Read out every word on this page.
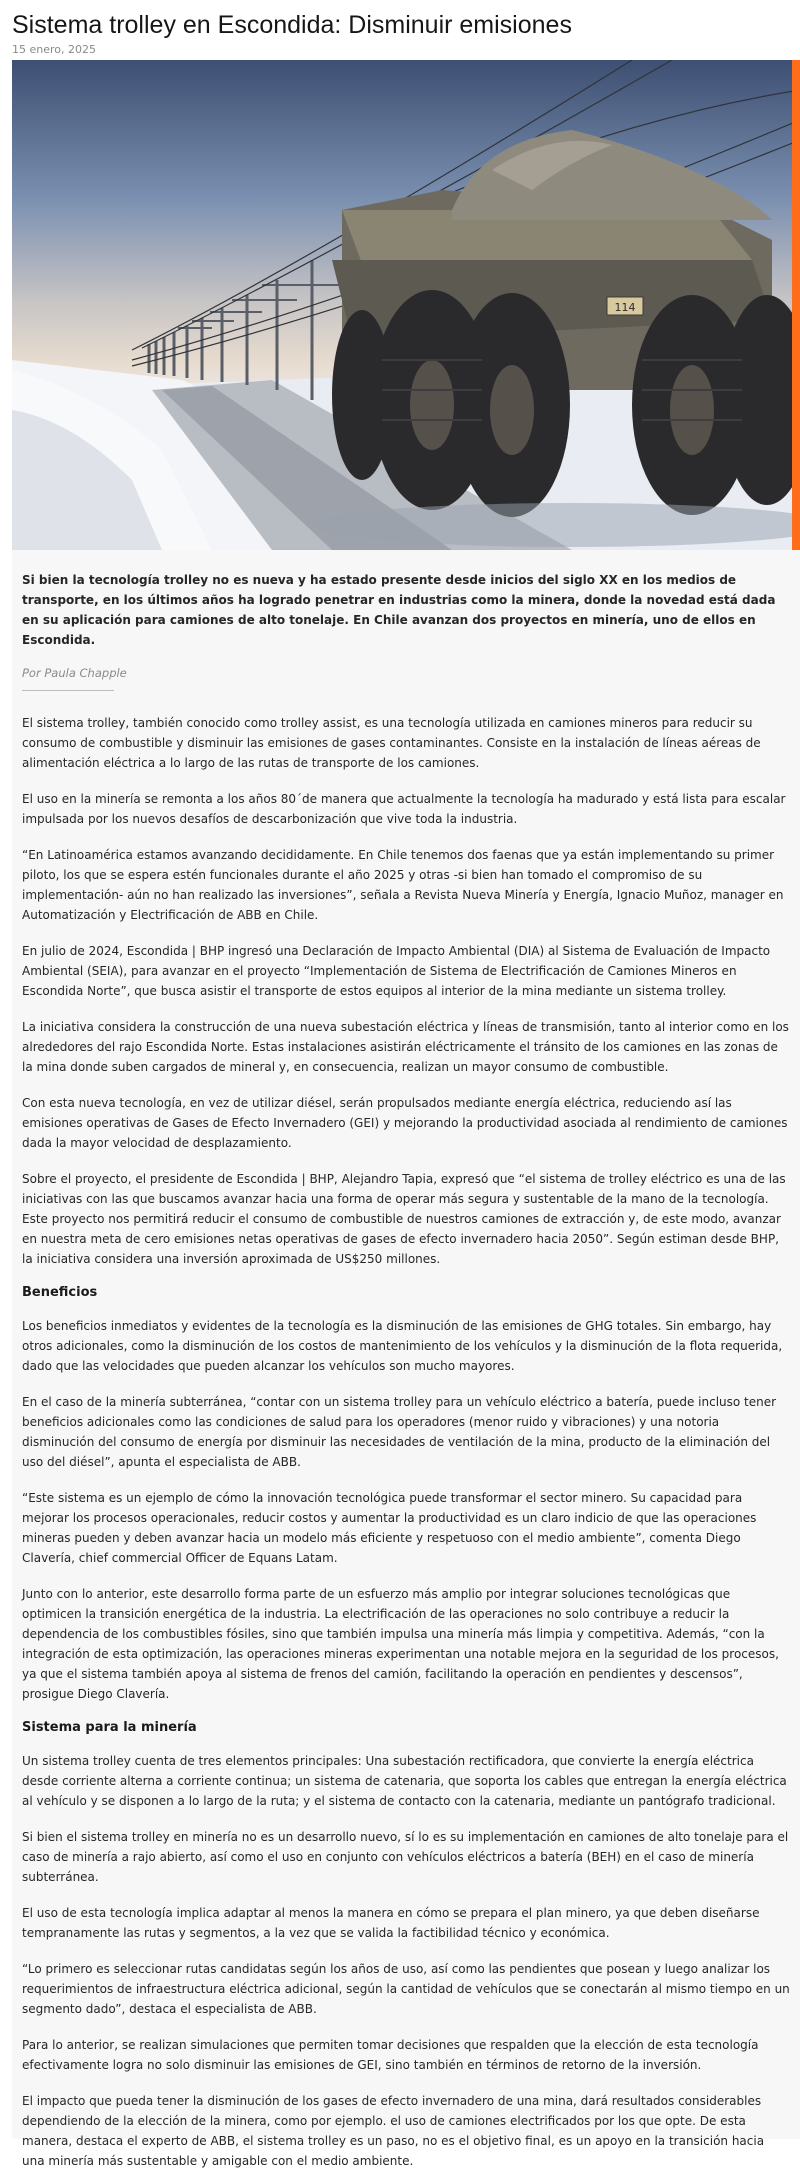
Sistema trolley en Escondida: Disminuir emisiones
15 enero, 2025
114

Si bien la tecnología trolley no es nueva y ha estado presente desde inicios del siglo XX en los medios de transporte, en los últimos años ha logrado penetrar en industrias como la minera, donde la novedad está dada en su aplicación para camiones de alto tonelaje. En Chile avanzan dos proyectos en minería, uno de ellos en Escondida.

Por Paula Chapple

El sistema trolley, también conocido como trolley assist, es una tecnología utilizada en camiones mineros para reducir su consumo de combustible y disminuir las emisiones de gases contaminantes. Consiste en la instalación de líneas aéreas de alimentación eléctrica a lo largo de las rutas de transporte de los camiones.

El uso en la minería se remonta a los años 80´de manera que actualmente la tecnología ha madurado y está lista para escalar impulsada por los nuevos desafíos de descarbonización que vive toda la industria.

“En Latinoamérica estamos avanzando decididamente. En Chile tenemos dos faenas que ya están implementando su primer piloto, los que se espera estén funcionales durante el año 2025 y otras -si bien han tomado el compromiso de su implementación- aún no han realizado las inversiones”, señala a Revista Nueva Minería y Energía, Ignacio Muñoz, manager en Automatización y Electrificación de ABB en Chile.

En julio de 2024, Escondida | BHP ingresó una Declaración de Impacto Ambiental (DIA) al Sistema de Evaluación de Impacto Ambiental (SEIA), para avanzar en el proyecto “Implementación de Sistema de Electrificación de Camiones Mineros en Escondida Norte”, que busca asistir el transporte de estos equipos al interior de la mina mediante un sistema trolley.

La iniciativa considera la construcción de una nueva subestación eléctrica y líneas de transmisión, tanto al interior como en los alrededores del rajo Escondida Norte. Estas instalaciones asistirán eléctricamente el tránsito de los camiones en las zonas de la mina donde suben cargados de mineral y, en consecuencia, realizan un mayor consumo de combustible.

Con esta nueva tecnología, en vez de utilizar diésel, serán propulsados mediante energía eléctrica, reduciendo así las emisiones operativas de Gases de Efecto Invernadero (GEI) y mejorando la productividad asociada al rendimiento de camiones dada la mayor velocidad de desplazamiento.

Sobre el proyecto, el presidente de Escondida | BHP, Alejandro Tapia, expresó que “el sistema de trolley eléctrico es una de las iniciativas con las que buscamos avanzar hacia una forma de operar más segura y sustentable de la mano de la tecnología. Este proyecto nos permitirá reducir el consumo de combustible de nuestros camiones de extracción y, de este modo, avanzar en nuestra meta de cero emisiones netas operativas de gases de efecto invernadero hacia 2050”. Según estiman desde BHP, la iniciativa considera una inversión aproximada de US$250 millones.

Beneficios

Los beneficios inmediatos y evidentes de la tecnología es la disminución de las emisiones de GHG totales. Sin embargo, hay otros adicionales, como la disminución de los costos de mantenimiento de los vehículos y la disminución de la flota requerida, dado que las velocidades que pueden alcanzar los vehículos son mucho mayores.

En el caso de la minería subterránea, “contar con un sistema trolley para un vehículo eléctrico a batería, puede incluso tener beneficios adicionales como las condiciones de salud para los operadores (menor ruido y vibraciones) y una notoria disminución del consumo de energía por disminuir las necesidades de ventilación de la mina, producto de la eliminación del uso del diésel”, apunta el especialista de ABB.

“Este sistema es un ejemplo de cómo la innovación tecnológica puede transformar el sector minero. Su capacidad para mejorar los procesos operacionales, reducir costos y aumentar la productividad es un claro indicio de que las operaciones mineras pueden y deben avanzar hacia un modelo más eficiente y respetuoso con el medio ambiente”, comenta Diego Clavería, chief commercial Officer de Equans Latam.

Junto con lo anterior, este desarrollo forma parte de un esfuerzo más amplio por integrar soluciones tecnológicas que optimicen la transición energética de la industria. La electrificación de las operaciones no solo contribuye a reducir la dependencia de los combustibles fósiles, sino que también impulsa una minería más limpia y competitiva. Además, “con la integración de esta optimización, las operaciones mineras experimentan una notable mejora en la seguridad de los procesos, ya que el sistema también apoya al sistema de frenos del camión, facilitando la operación en pendientes y descensos”, prosigue Diego Clavería.

Sistema para la minería

Un sistema trolley cuenta de tres elementos principales: Una subestación rectificadora, que convierte la energía eléctrica desde corriente alterna a corriente continua; un sistema de catenaria, que soporta los cables que entregan la energía eléctrica al vehículo y se disponen a lo largo de la ruta; y el sistema de contacto con la catenaria, mediante un pantógrafo tradicional.

Si bien el sistema trolley en minería no es un desarrollo nuevo, sí lo es su implementación en camiones de alto tonelaje para el caso de minería a rajo abierto, así como el uso en conjunto con vehículos eléctricos a batería (BEH) en el caso de minería subterránea.

El uso de esta tecnología implica adaptar al menos la manera en cómo se prepara el plan minero, ya que deben diseñarse tempranamente las rutas y segmentos, a la vez que se valida la factibilidad técnico y económica.

“Lo primero es seleccionar rutas candidatas según los años de uso, así como las pendientes que posean y luego analizar los requerimientos de infraestructura eléctrica adicional, según la cantidad de vehículos que se conectarán al mismo tiempo en un segmento dado”, destaca el especialista de ABB.

Para lo anterior, se realizan simulaciones que permiten tomar decisiones que respalden que la elección de esta tecnología efectivamente logra no solo disminuir las emisiones de GEI, sino también en términos de retorno de la inversión.

El impacto que pueda tener la disminución de los gases de efecto invernadero de una mina, dará resultados considerables dependiendo de la elección de la minera, como por ejemplo. el uso de camiones electrificados por los que opte. De esta manera, destaca el experto de ABB, el sistema trolley es un paso, no es el objetivo final, es un apoyo en la transición hacia una minería más sustentable y amigable con el medio ambiente.
